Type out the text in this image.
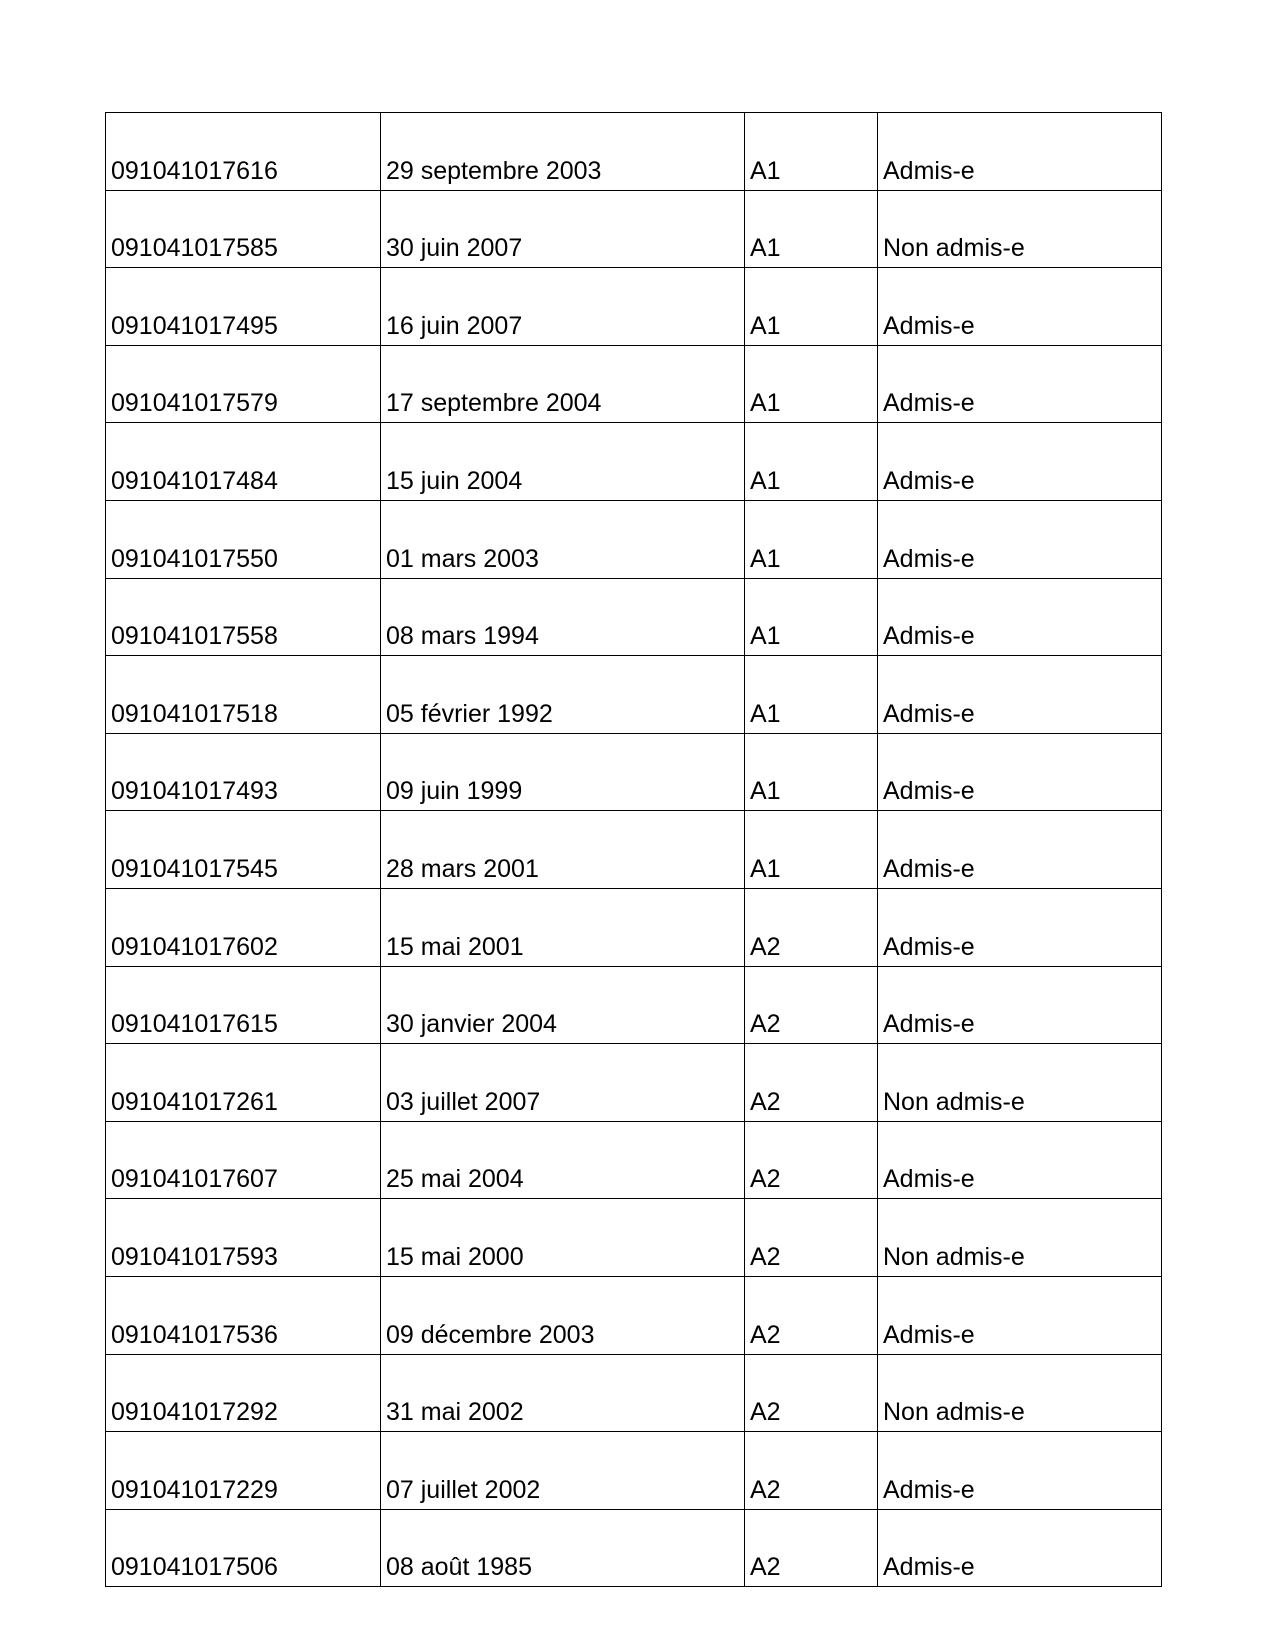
091041017616	29 septembre 2003	A1	Admis-e
091041017585	30 juin 2007	A1	Non admis-e
091041017495	16 juin 2007	A1	Admis-e
091041017579	17 septembre 2004	A1	Admis-e
091041017484	15 juin 2004	A1	Admis-e
091041017550	01 mars 2003	A1	Admis-e
091041017558	08 mars 1994	A1	Admis-e
091041017518	05 février 1992	A1	Admis-e
091041017493	09 juin 1999	A1	Admis-e
091041017545	28 mars 2001	A1	Admis-e
091041017602	15 mai 2001	A2	Admis-e
091041017615	30 janvier 2004	A2	Admis-e
091041017261	03 juillet 2007	A2	Non admis-e
091041017607	25 mai 2004	A2	Admis-e
091041017593	15 mai 2000	A2	Non admis-e
091041017536	09 décembre 2003	A2	Admis-e
091041017292	31 mai 2002	A2	Non admis-e
091041017229	07 juillet 2002	A2	Admis-e
091041017506	08 août 1985	A2	Admis-e
